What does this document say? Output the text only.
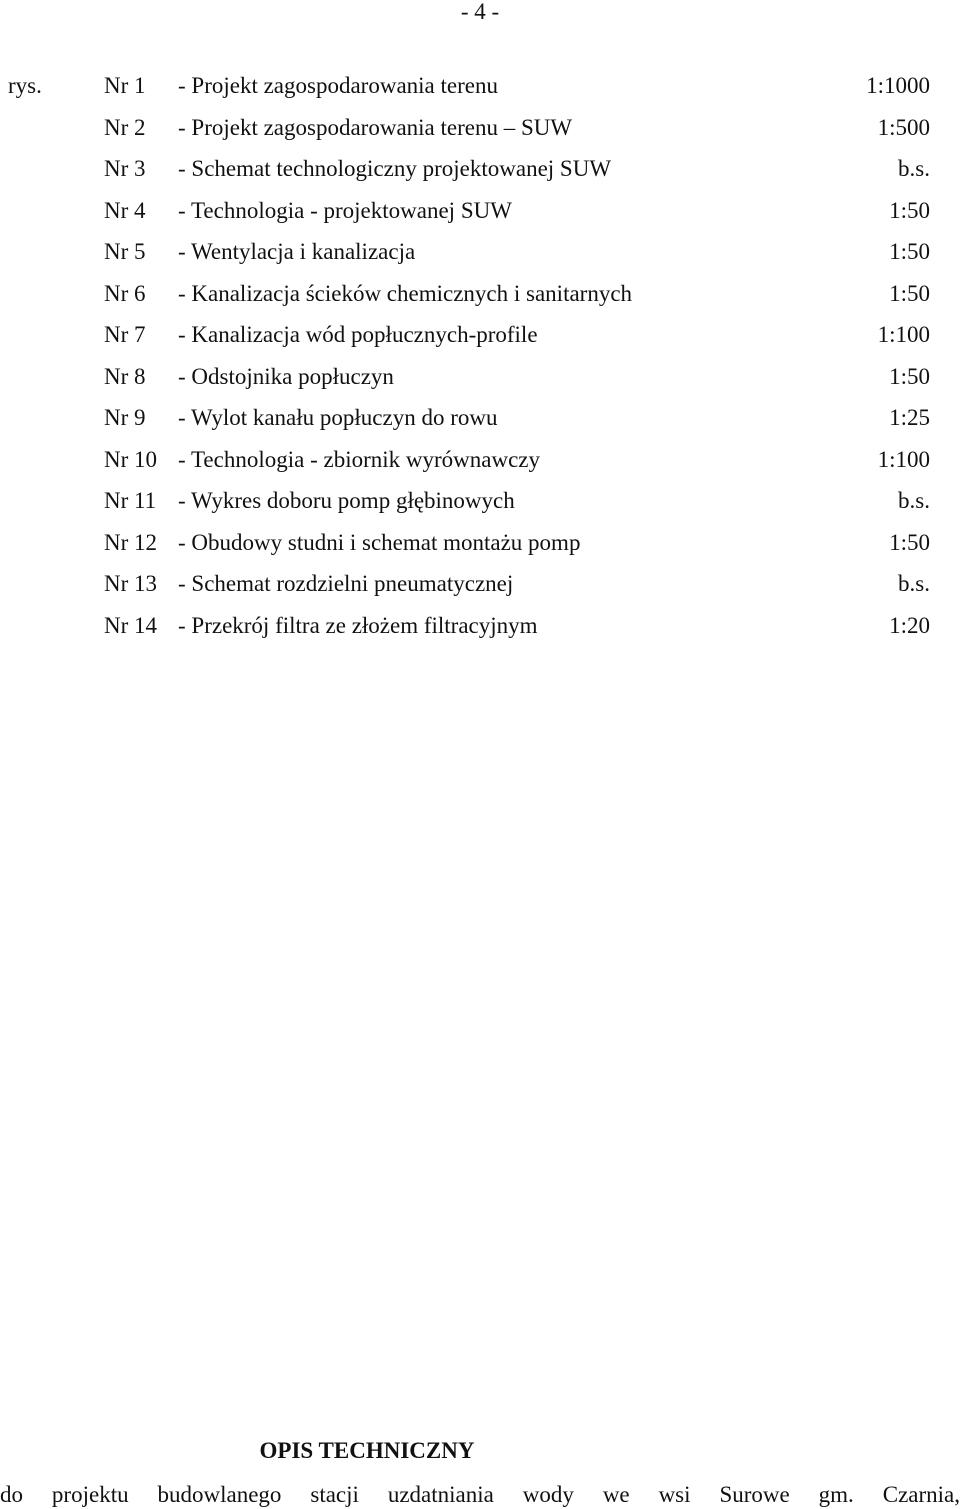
- 4 -
rys.	Nr 1	- Projekt zagospodarowania terenu	1:1000
Nr 2	- Projekt zagospodarowania terenu – SUW	1:500
Nr 3	- Schemat technologiczny projektowanej SUW	b.s.
Nr 4	- Technologia - projektowanej SUW	1:50
Nr 5	- Wentylacja i kanalizacja	1:50
Nr 6	- Kanalizacja ścieków chemicznych i sanitarnych	1:50
Nr 7	- Kanalizacja wód popłucznych-profile	1:100
Nr 8	- Odstojnika popłuczyn	1:50
Nr 9	- Wylot kanału popłuczyn do rowu	1:25
Nr 10 - Technologia - zbiornik wyrównawczy	1:100
Nr 11 - Wykres doboru pomp głębinowych	b.s.
Nr 12 - Obudowy studni i schemat montażu pomp	1:50
Nr 13 - Schemat rozdzielni pneumatycznej	b.s.
Nr 14 - Przekrój filtra ze złożem filtracyjnym	1:20
OPIS TECHNICZNY
do projektu budowlanego stacji uzdatniania wody we wsi Surowe gm. Czarnia,
